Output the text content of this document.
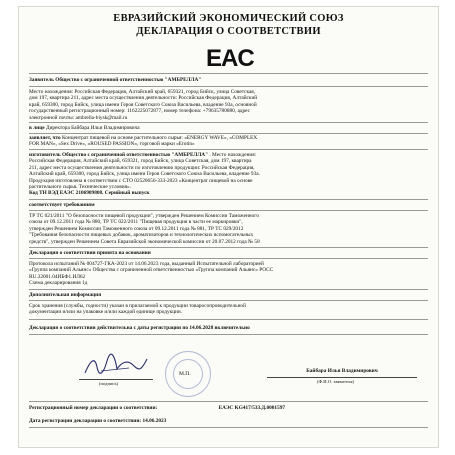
ЕВРАЗИЙСКИЙ ЭКОНОМИЧЕСКИЙ СОЮЗ
ДЕКЛАРАЦИЯ О СООТВЕТСТВИИ
EAC
Заявитель Общество с ограниченной ответственностью "АМБРЕЛЛА"
Место нахождения: Российская Федерация, Алтайский край, 659321, город Бийск, улица Советская,
дом 197, квартира 211, адрес места осуществления деятельности: Российская Федерация, Алтайский
край, 659300, город Бийск, улица имени Героя Советского Союза Васильева, владение 93а, основной
государственный регистрационный номер: 1162225072877, номер телефона: +79635780880, адрес
электронной почты: ambrella-biysk@mail.ru
в лице Директора Байбара Ильи Владимировича
заявляет, что Концентрат пищевой на основе растительного сырья: «ENERGY WAVE», «COMPLEX
FOR MAN», «Sex Drive», «ROUSED PASSION», торговой марки «Erotin»
изготовитель Общество с ограниченной ответственностью "АМБРЕЛЛА" . Место нахождения:
Российская Федерация, Алтайский край, 659321, город Бийск, улица Советская, дом 197, квартира
211, адрес места осуществления деятельности по изготовлению продукции: Российская Федерация,
Алтайский край, 659300, город Бийск, улица имени Героя Советского Союза Васильева, владение 93а.
Продукция изготовлена в соответствии с СТО 02520656-333-2023 «Концентрат пищевой на основе
растительного сырья. Технические условия».
Код ТН ВЭД ЕАЭС 2106909808. Серийный выпуск
соответствует требованиям
ТР ТС 021/2011 "О безопасности пищевой продукции", утвержден Решением Комиссии Таможенного
союза от 09.12.2011 года № 880, ТР ТС 022/2011 "Пищевая продукция в части ее маркировки",
утвержден Решением Комиссии Таможенного союза от 09.12.2011 года № 881, ТР ТС 029/2012
"Требования безопасности пищевых добавок, ароматизаторов и технологических вспомогательных
средств", утвержден Решением Совета Евразийской экономической комиссии от 20.07.2012 года № 58
Декларация о соответствии принята на основании
Протокола испытаний № 004727-ГКА-2023 от 14.06.2023 года, выданный Испытательной лабораторией
«Группа компаний Альянс» Общества с ограниченной ответственностью «Группа компаний Альянс» РОСС
RU.32001.04ИБФ1.ИЛ62
Схема декларирования 1д
Дополнительная информация
Срок хранения (службы, годности) указан в прилагаемой к продукции товаросопроводительной
документации и/или на упаковке и/или каждой единице продукции.
Декларация о соответствии действительна с даты регистрации по 14.06.2028 включительно
(подпись)
М.П.	Байбара Илья Владимирович
(Ф.И.О. заявителя)
Регистрационный номер декларации о соответствии:	ЕАЭС KG417/533.Д.0001597
Дата регистрации декларации о соответствии: 14.06.2023
